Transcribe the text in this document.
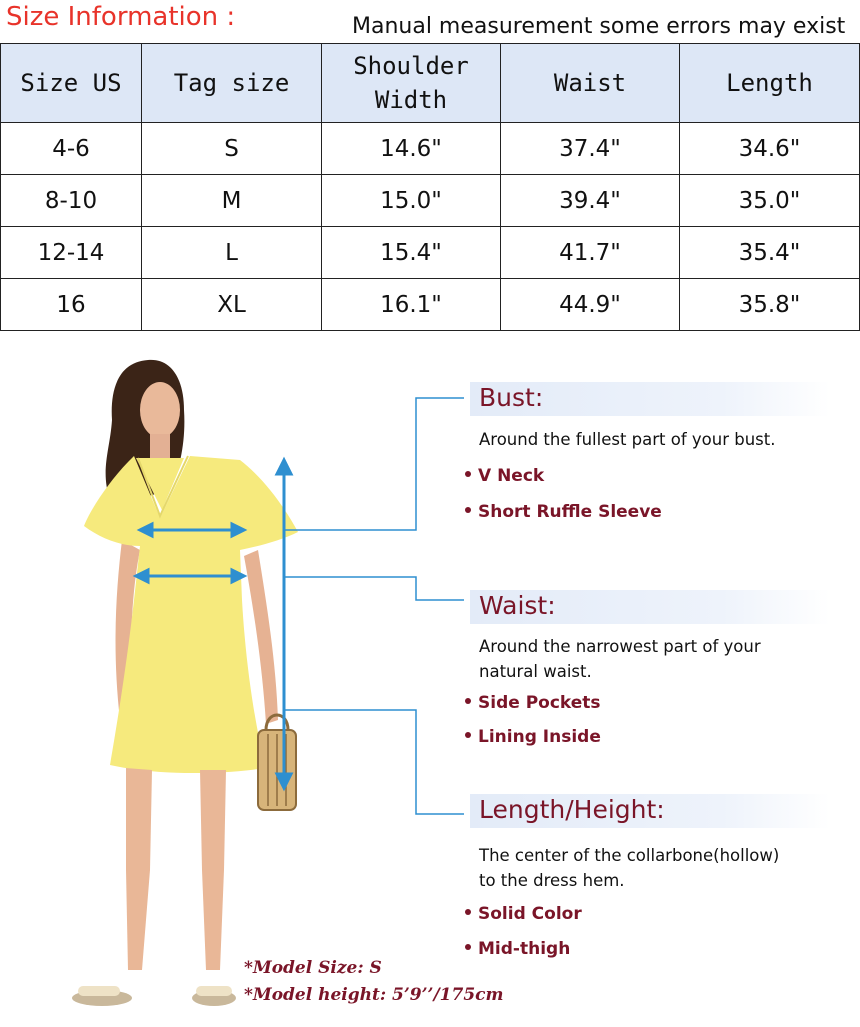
Size Information :	Manual measurement some errors may exist
Size US	Tag size	Shoulder Width	Waist	Length
4-6	S	14.6"	37.4"	34.6"
8-10	M	15.0"	39.4"	35.0"
12-14	L	15.4"	41.7"	35.4"
16	XL	16.1"	44.9"	35.8"
Bust:
Around the fullest part of your bust.
V Neck
Short Ruffle Sleeve
Waist:
Around the narrowest part of your natural waist.
Side Pockets
Lining Inside
Length/Height:
The center of the collarbone(hollow) to the dress hem.
Solid Color
Mid-thigh
*Model Size: S
*Model height: 5’9’’/175cm
